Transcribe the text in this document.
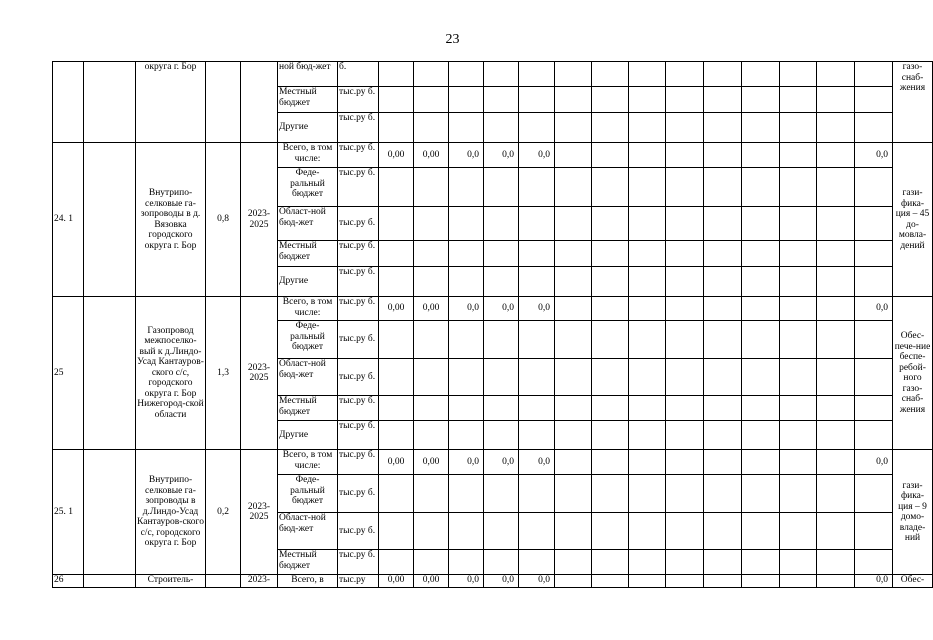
23
		округа г. Бор			ной бюд-жет	б.															газо-снаб-жения
					Местный бюджет	тыс.ру б.															
					Другие	тыс.ру б.															
24. 1		Внутрипо-селковые га-зопроводы в д. Вязовка городского округа г. Бор	0,8	2023-2025	Всего, в том числе:	тыс.ру б.	0,00	0,00	0,0	0,0	0,0									0,0	гази-фика-ция – 45 до-мовла-дений
					Феде-ральный бюджет	тыс.ру б.															
					Област-ной бюд-жет	тыс.ру б.															
					Местный бюджет	тыс.ру б.															
					Другие	тыс.ру б.															
25		Газопровод межпоселко-вый к д.Линдо-Усад Кантауров-ского с/с, городского округа г. Бор Нижегород-ской области	1,3	2023-2025	Всего, в том числе:	тыс.ру б.	0,00	0,00	0,0	0,0	0,0									0,0	Обес-пече-ние беспе-ребой-ного газо-снаб-жения
					Феде-ральный бюджет	тыс.ру б.															
					Област-ной бюд-жет	тыс.ру б.															
					Местный бюджет	тыс.ру б.															
					Другие	тыс.ру б.															
25. 1		Внутрипо-селковые га-зопроводы в д.Линдо-Усад Кантауров-ского с/с, городского округа г. Бор	0,2	2023-2025	Всего, в том числе:	тыс.ру б.	0,00	0,00	0,0	0,0	0,0									0,0	гази-фика-ция – 9 домо-владе-ний
					Феде-ральный бюджет	тыс.ру б.															
					Област-ной бюд-жет	тыс.ру б.															
					Местный бюджет	тыс.ру б.															
26		Строитель-		2023-	Всего, в	тыс.ру	0,00	0,00	0,0	0,0	0,0									0,0	Обес-
